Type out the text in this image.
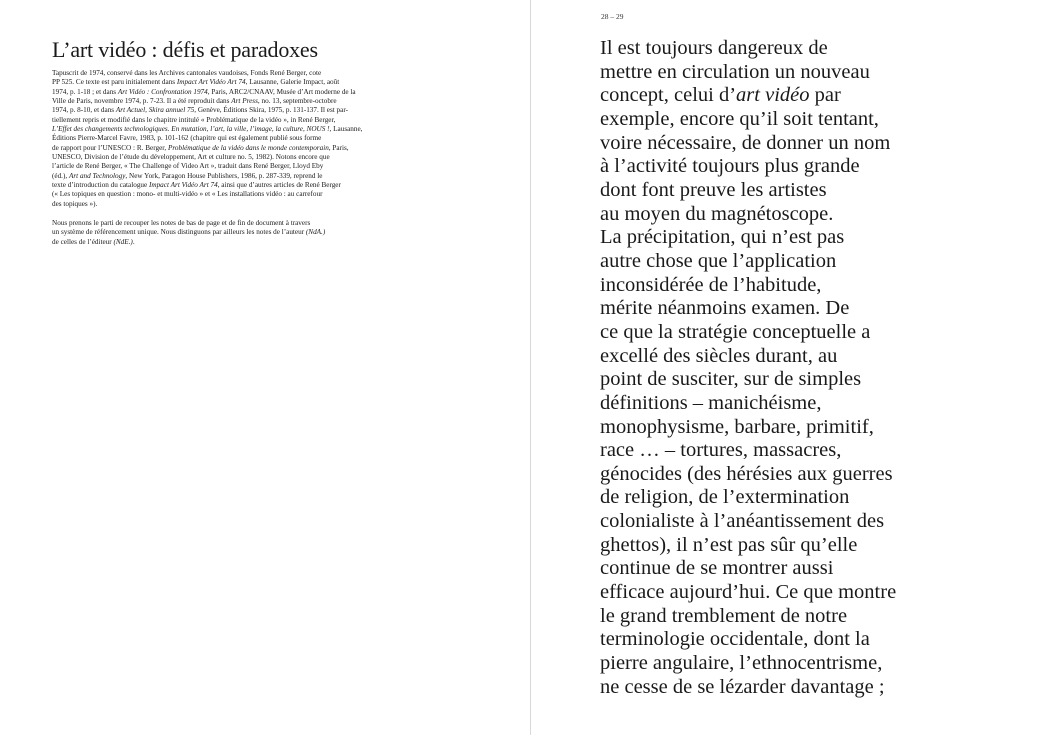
L’art vidéo : défis et paradoxes

Tapuscrit de 1974, conservé dans les Archives cantonales vaudoises, Fonds René Berger, cote
PP 525. Ce texte est paru initialement dans Impact Art Vidéo Art 74, Lausanne, Galerie Impact, août
1974, p. 1-18 ; et dans Art Vidéo : Confrontation 1974, Paris, ARC2/CNAAV, Musée d’Art moderne de la
Ville de Paris, novembre 1974, p. 7-23. Il a été reproduit dans Art Press, no. 13, septembre-octobre
1974, p. 8-10, et dans Art Actuel, Skira annuel 75, Genève, Éditions Skira, 1975, p. 131-137. Il est par-
tiellement repris et modifié dans le chapitre intitulé « Problématique de la vidéo », in René Berger,
L’Effet des changements technologiques. En mutation, l’art, la ville, l’image, la culture, NOUS !, Lausanne,
Éditions Pierre-Marcel Favre, 1983, p. 101-162 (chapitre qui est également publié sous forme
de rapport pour l’UNESCO : R. Berger, Problématique de la vidéo dans le monde contemporain, Paris,
UNESCO, Division de l’étude du développement, Art et culture no. 5, 1982). Notons encore que
l’article de René Berger, « The Challenge of Video Art », traduit dans René Berger, Lloyd Eby
(éd.), Art and Technology, New York, Paragon House Publishers, 1986, p. 287-339, reprend le
texte d’introduction du catalogue Impact Art Vidéo Art 74, ainsi que d’autres articles de René Berger
(« Les topiques en question : mono- et multi-vidéo » et « Les installations vidéo : au carrefour
des topiques »).

Nous prenons le parti de recouper les notes de bas de page et de fin de document à travers
un système de référencement unique. Nous distinguons par ailleurs les notes de l’auteur (NdA.)
de celles de l’éditeur (NdE.).

28 – 29

Il est toujours dangereux de
mettre en circulation un nouveau
concept, celui d’art vidéo par
exemple, encore qu’il soit tentant,
voire nécessaire, de donner un nom
à l’activité toujours plus grande
dont font preuve les artistes
au moyen du magnétoscope.
La précipitation, qui n’est pas
autre chose que l’application
inconsidérée de l’habitude,
mérite néanmoins examen. De
ce que la stratégie conceptuelle a
excellé des siècles durant, au
point de susciter, sur de simples
définitions – manichéisme,
monophysisme, barbare, primitif,
race … – tortures, massacres,
génocides (des hérésies aux guerres
de religion, de l’extermination
colonialiste à l’anéantissement des
ghettos), il n’est pas sûr qu’elle
continue de se montrer aussi
efficace aujourd’hui. Ce que montre
le grand tremblement de notre
terminologie occidentale, dont la
pierre angulaire, l’ethnocentrisme,
ne cesse de se lézarder davantage ;
